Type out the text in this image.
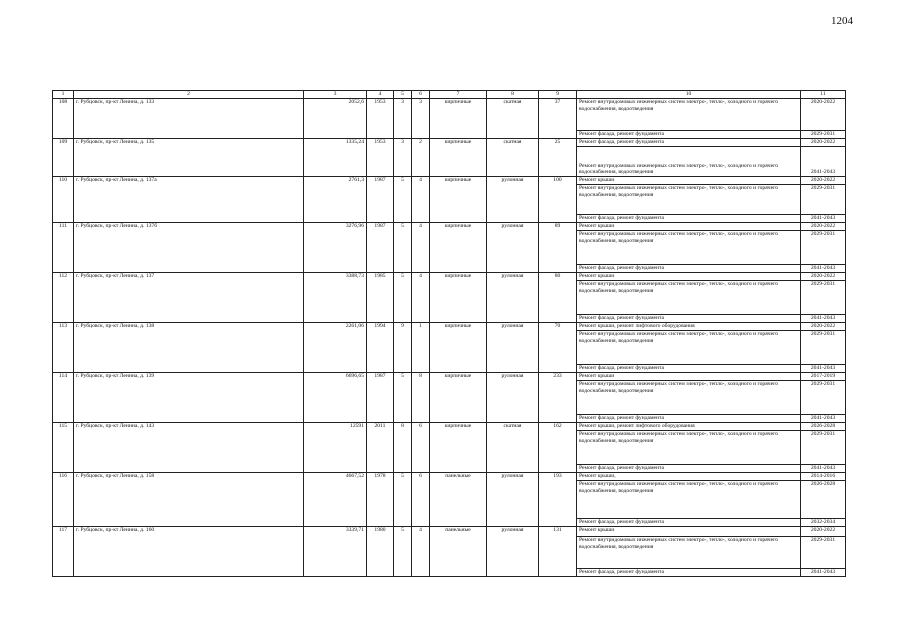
1204
1	2	3	4	5	6	7	8	9	10	11
108	г. Рубцовск, пр-кт Ленина, д. 133	2052,6	1953	3	3	кирпичные	скатная	37	Ремонт внутридомовых инженерных систем электро-, тепло-, холодного и горячего водоснабжения, водоотведения	2020-2022
									Ремонт фасада, ремонт фундамента	2029-2031
109	г. Рубцовск, пр-кт Ленина, д. 135	1335,24	1953	3	2	кирпичные	скатная	25	Ремонт фасада, ремонт фундамента	2020-2022
									Ремонт внутридомовых инженерных систем электро-, тепло-, холодного и горячего водоснабжения, водоотведения	2041-2043
110	г. Рубцовск, пр-кт Ленина, д. 137а	2761,3	1987	5	4	кирпичные	рулонная	100	Ремонт крыши	2020-2022
									Ремонт внутридомовых инженерных систем электро-, тепло-, холодного и горячего водоснабжения, водоотведения	2029-2031
									Ремонт фасада, ремонт фундамента	2041-2043
111	г. Рубцовск, пр-кт Ленина, д. 137б	3276,96	1987	5	4	кирпичные	рулонная	89	Ремонт крыши	2020-2022
									Ремонт внутридомовых инженерных систем электро-, тепло-, холодного и горячего водоснабжения, водоотведения	2029-2031
									Ремонт фасада, ремонт фундамента	2041-2043
112	г. Рубцовск, пр-кт Ленина, д. 137	3388,73	1985	5	4	кирпичные	рулонная	80	Ремонт крыши	2020-2022
									Ремонт внутридомовых инженерных систем электро-, тепло-, холодного и горячего водоснабжения, водоотведения	2029-2031
									Ремонт фасада, ремонт фундамента	2041-2043
113	г. Рубцовск, пр-кт Ленина, д. 138	2261,06	1994	9	1	кирпичные	рулонная	70	Ремонт крыши, ремонт лифтового оборудования	2020-2022
									Ремонт внутридомовых инженерных систем электро-, тепло-, холодного и горячего водоснабжения, водоотведения	2029-2031
									Ремонт фасада, ремонт фундамента	2041-2043
114	г. Рубцовск, пр-кт Ленина, д. 139	6696,65	1987	5	8	кирпичные	рулонная	233	Ремонт крыши	2017-2019
									Ремонт внутридомовых инженерных систем электро-, тепло-, холодного и горячего водоснабжения, водоотведения	2029-2031
									Ремонт фасада, ремонт фундамента	2041-2043
115	г. Рубцовск, пр-кт Ленина, д. 143	12591	2011	8	6	кирпичные	скатная	162	Ремонт крыши, ремонт лифтового оборудования	2026-2028
									Ремонт внутридомовых инженерных систем электро-, тепло-, холодного и горячего водоснабжения, водоотведения	2029-2031
									Ремонт фасада, ремонт фундамента	2041-2043
116	г. Рубцовск, пр-кт Ленина, д. 158	4667,52	1978	5	6	панельные	рулонная	193	Ремонт крыши,	2014-2016
									Ремонт внутридомовых инженерных систем электро-, тепло-, холодного и горячего водоснабжения, водоотведения	2026-2028
									Ремонт фасада, ремонт фундамента	2032-2034
117	г. Рубцовск, пр-кт Ленина, д. 160	3339,71	1980	5	4	панельные	рулонная	131	Ремонт крыши	2020-2022
									Ремонт внутридомовых инженерных систем электро-, тепло-, холодного и горячего водоснабжения, водоотведения	2029-2031
									Ремонт фасада, ремонт фундамента	2041-2043
